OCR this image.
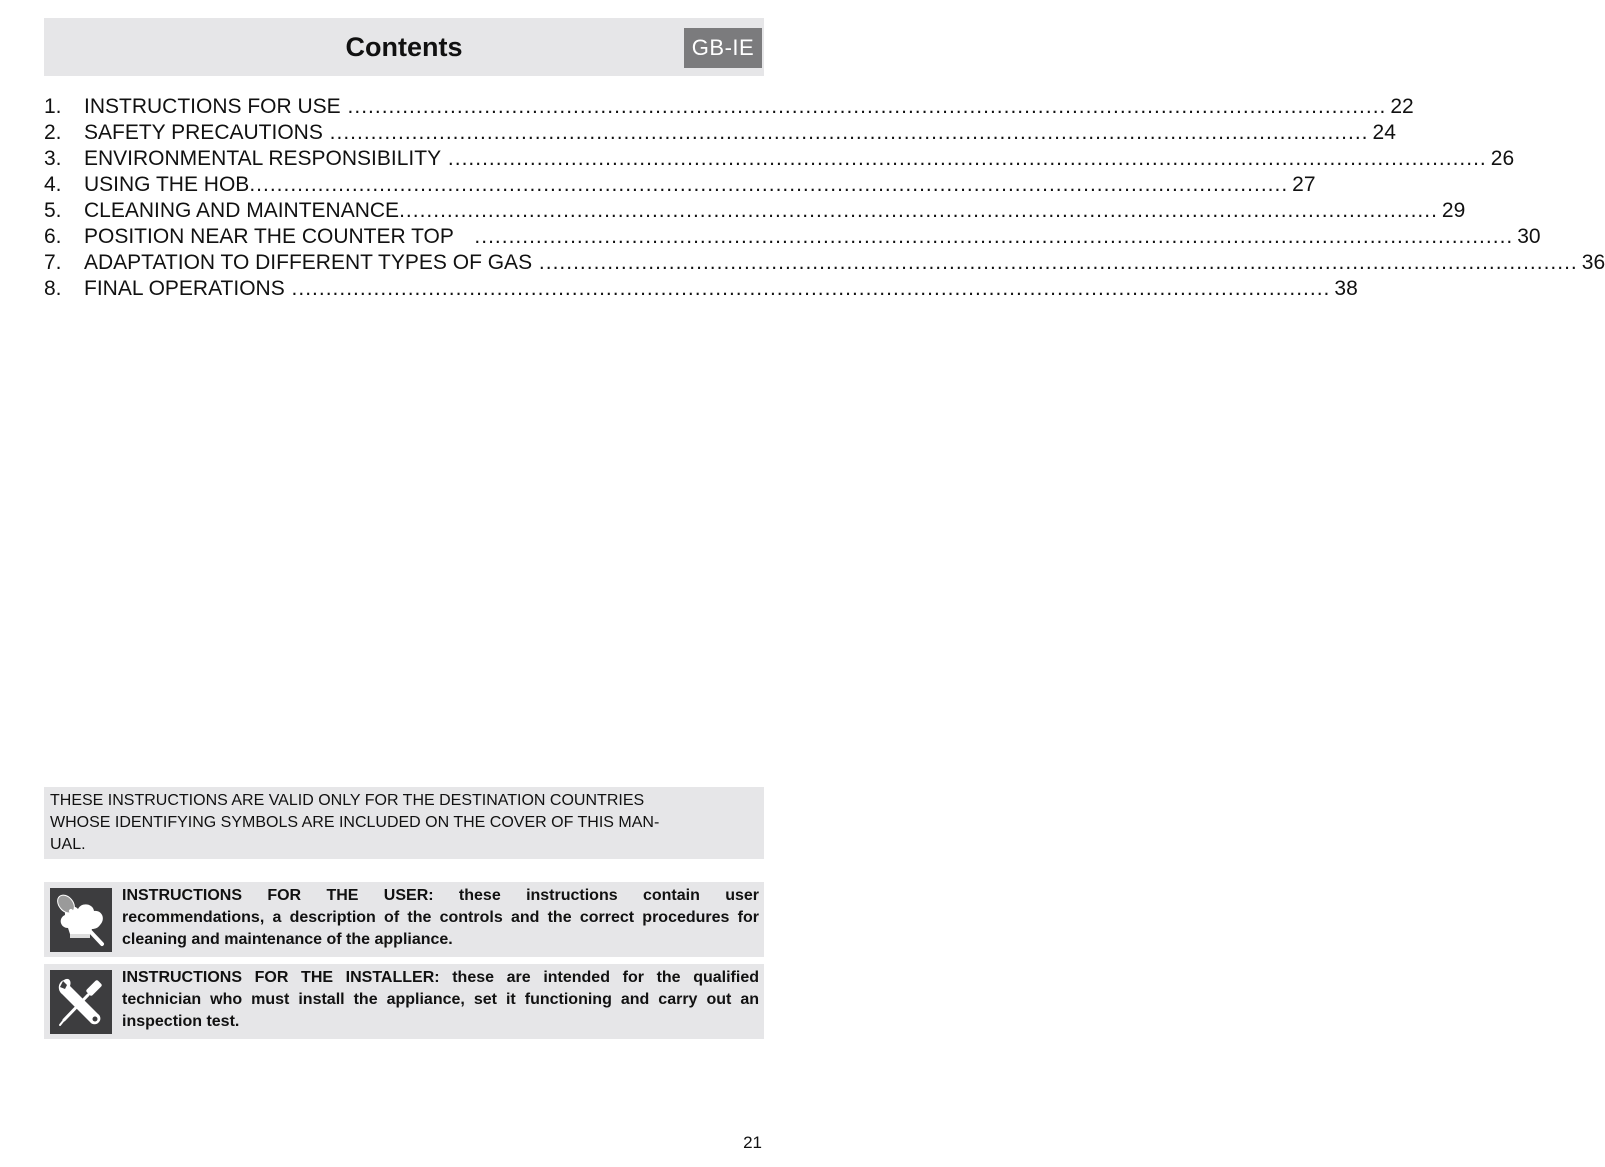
Contents	GB-IE
1.	INSTRUCTIONS FOR USE ........................................................................................................................................................ 22
2.	SAFETY PRECAUTIONS ........................................................................................................................................................ 24
3.	ENVIRONMENTAL RESPONSIBILITY ........................................................................................................................................................ 26
4.	USING THE HOB ........................................................................................................................................................ 27
5.	CLEANING AND MAINTENANCE ........................................................................................................................................................ 29
6.	POSITION NEAR THE COUNTER TOP ........................................................................................................................................................ 30
7.	ADAPTATION TO DIFFERENT TYPES OF GAS ........................................................................................................................................................ 36
8.	FINAL OPERATIONS ........................................................................................................................................................ 38
THESE INSTRUCTIONS ARE VALID ONLY FOR THE DESTINATION COUNTRIES
WHOSE IDENTIFYING SYMBOLS ARE INCLUDED ON THE COVER OF THIS MAN-
UAL.
INSTRUCTIONS FOR THE USER: these instructions contain user recommendations, a description of the controls and the correct procedures for cleaning and maintenance of the appliance.
INSTRUCTIONS FOR THE INSTALLER: these are intended for the qualified technician who must install the appliance, set it functioning and carry out an inspection test.
21
